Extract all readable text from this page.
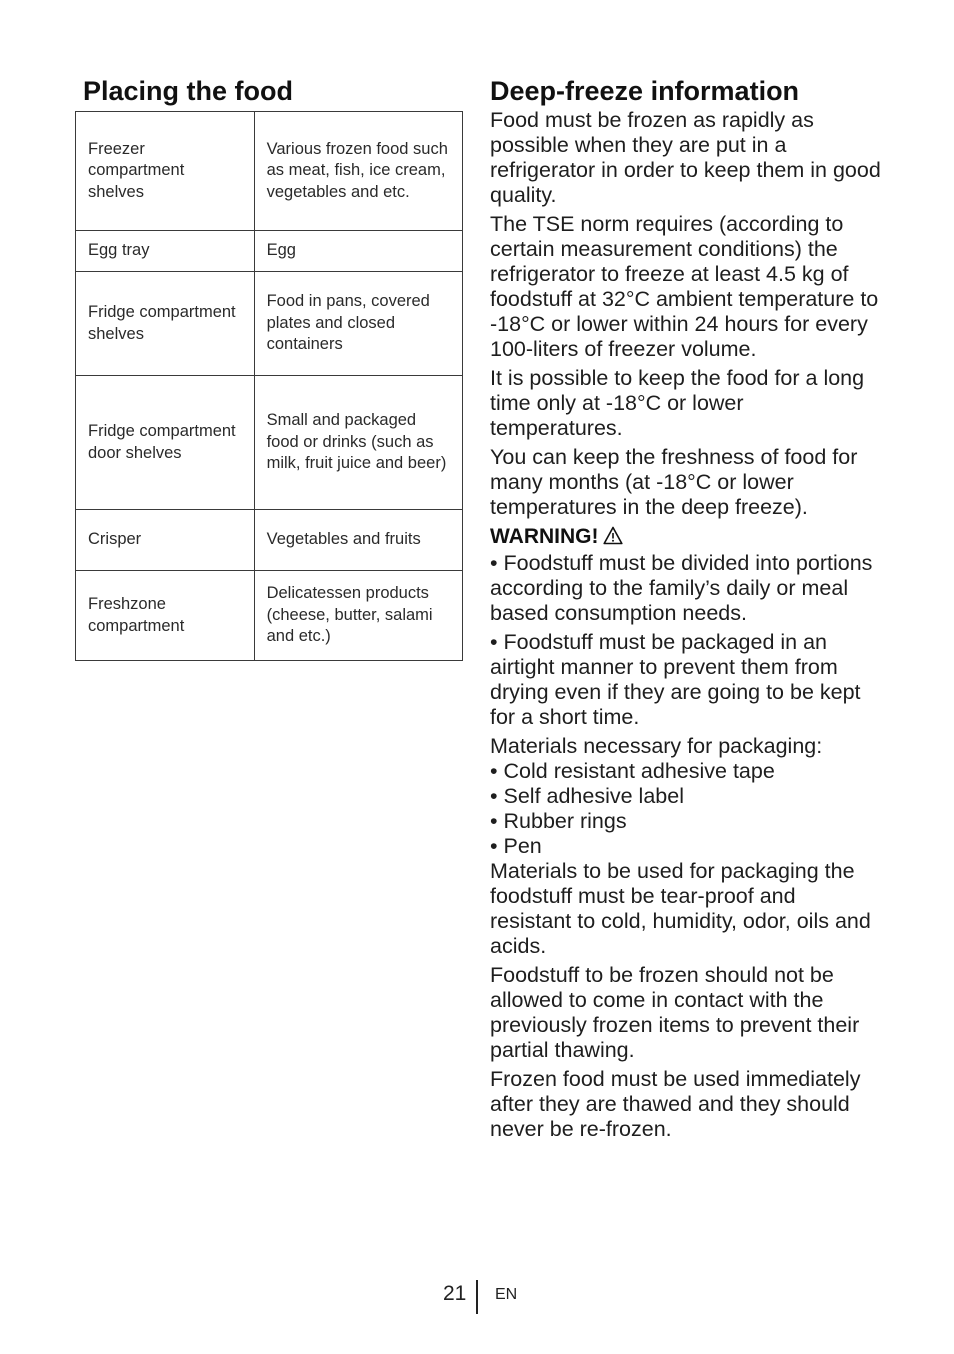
Placing the food
Freezer compartment shelves	Various frozen food such as meat, fish, ice cream, vegetables and etc.
Egg tray	Egg
Fridge compartment shelves	Food in pans, covered plates and closed containers
Fridge compartment door shelves	Small and packaged food or drinks (such as milk, fruit juice and beer)
Crisper	Vegetables and fruits
Freshzone compartment	Delicatessen products (cheese, butter, salami and etc.)
Deep-freeze information

Food must be frozen as rapidly as possible when they are put in a refrigerator in order to keep them in good quality.

The TSE norm requires (according to certain measurement conditions) the refrigerator to freeze at least 4.5 kg of foodstuff at 32°C ambient temperature to -18°C or lower within 24 hours for every 100-liters of freezer volume.

It is possible to keep the food for a long time only at -18°C or lower temperatures.

You can keep the freshness of food for many months (at -18°C or lower temperatures in the deep freeze).

WARNING!

• Foodstuff must be divided into portions according to the family’s daily or meal based consumption needs.

• Foodstuff must be packaged in an airtight manner to prevent them from drying even if they are going to be kept for a short time.

Materials necessary for packaging:

• Cold resistant adhesive tape

• Self adhesive label

• Rubber rings

• Pen

Materials to be used for packaging the foodstuff must be tear-proof and resistant to cold, humidity, odor, oils and acids.

Foodstuff to be frozen should not be allowed to come in contact with the previously frozen items to prevent their partial thawing.

Frozen food must be used immediately after they are thawed and they should never be re-frozen.

21 EN
